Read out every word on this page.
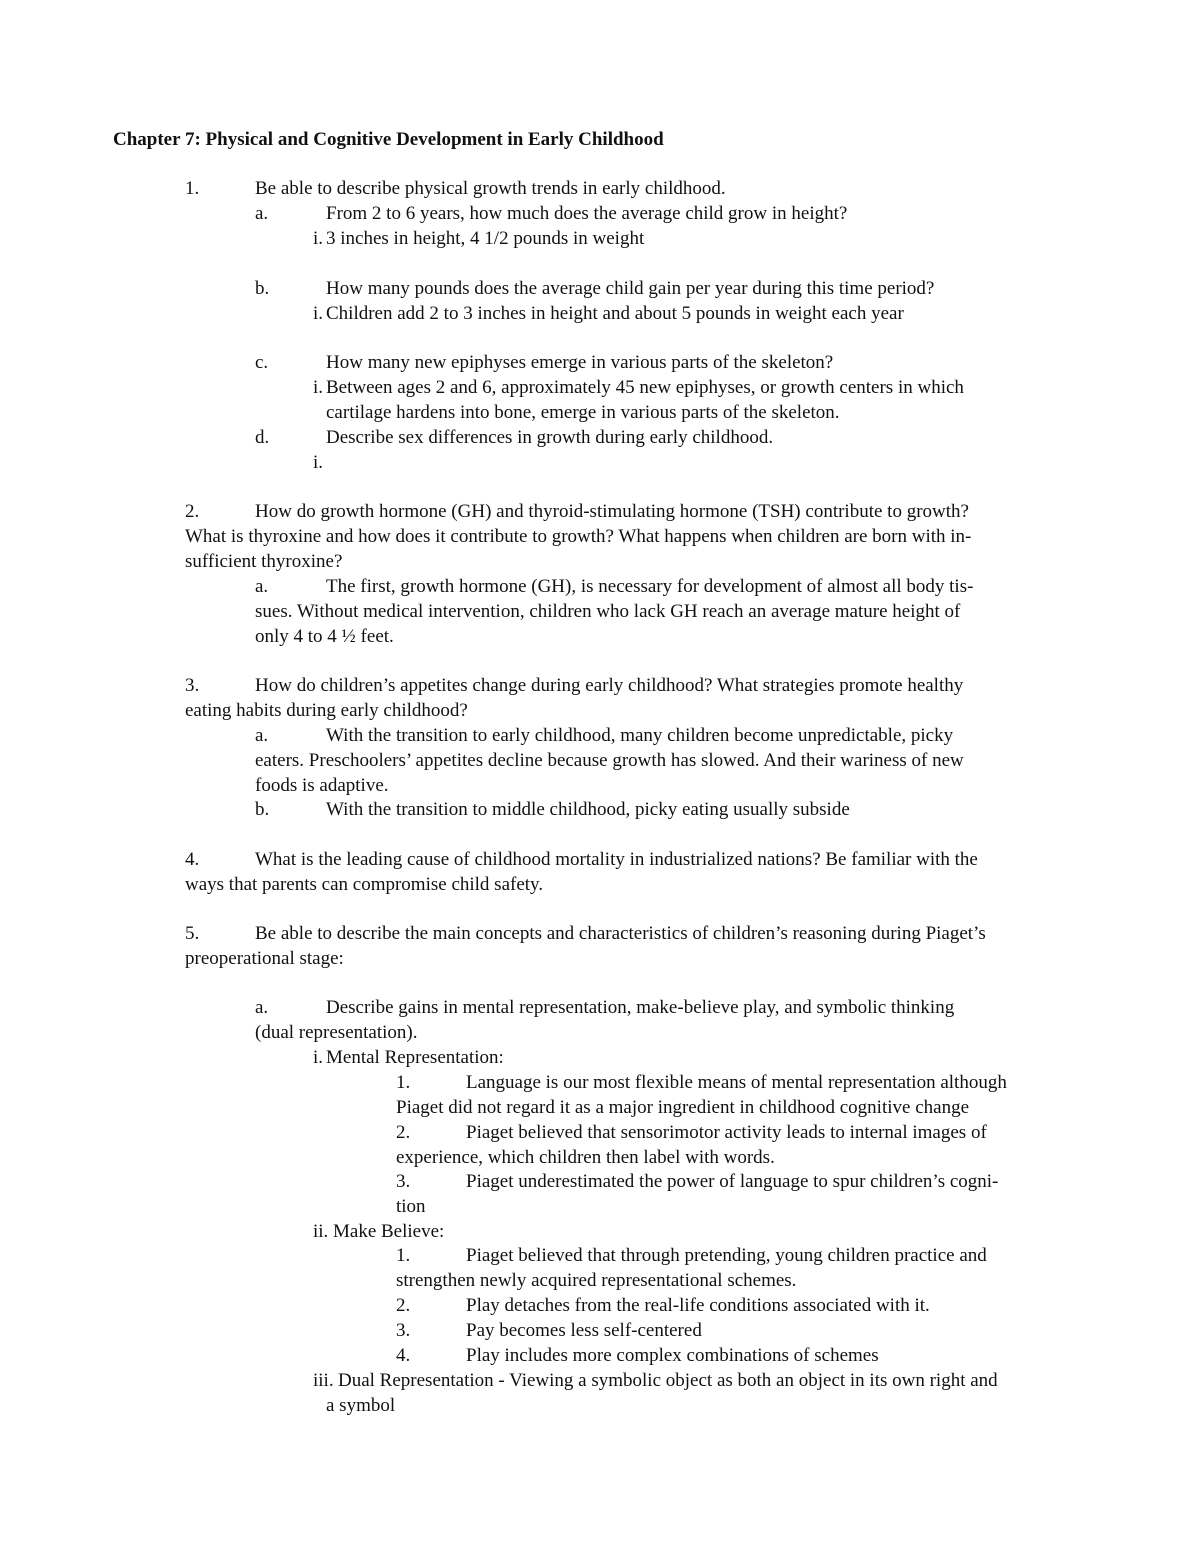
Chapter 7: Physical and Cognitive Development in Early Childhood
1.	Be able to describe physical growth trends in early childhood.
a.	From 2 to 6 years, how much does the average child grow in height?
i. 3 inches in height, 4 1/2 pounds in weight
b.	How many pounds does the average child gain per year during this time period?
i. Children add 2 to 3 inches in height and about 5 pounds in weight each year
c.	How many new epiphyses emerge in various parts of the skeleton?
i. Between ages 2 and 6, approximately 45 new epiphyses, or growth centers in which
cartilage hardens into bone, emerge in various parts of the skeleton.
d.	Describe sex differences in growth during early childhood.
i.
2.	How do growth hormone (GH) and thyroid-stimulating hormone (TSH) contribute to growth?
What is thyroxine and how does it contribute to growth? What happens when children are born with in-
sufficient thyroxine?
a.	The first, growth hormone (GH), is necessary for development of almost all body tis-
sues. Without medical intervention, children who lack GH reach an average mature height of
only 4 to 4 ½ feet.
3.	How do children’s appetites change during early childhood? What strategies promote healthy
eating habits during early childhood?
a.	With the transition to early childhood, many children become unpredictable, picky
eaters. Preschoolers’ appetites decline because growth has slowed. And their wariness of new
foods is adaptive.
b.	With the transition to middle childhood, picky eating usually subside
4.	What is the leading cause of childhood mortality in industrialized nations? Be familiar with the
ways that parents can compromise child safety.
5.	Be able to describe the main concepts and characteristics of children’s reasoning during Piaget’s
preoperational stage:
a.	Describe gains in mental representation, make-believe play, and symbolic thinking
(dual representation).
i. Mental Representation:
1.	Language is our most flexible means of mental representation although
Piaget did not regard it as a major ingredient in childhood cognitive change
2.	Piaget believed that sensorimotor activity leads to internal images of
experience, which children then label with words.
3.	Piaget underestimated the power of language to spur children’s cogni-
tion
ii. Make Believe:
1.	Piaget believed that through pretending, young children practice and
strengthen newly acquired representational schemes.
2.	Play detaches from the real-life conditions associated with it.
3.	Pay becomes less self-centered
4.	Play includes more complex combinations of schemes
iii. Dual Representation - Viewing a symbolic object as both an object in its own right and
a symbol
